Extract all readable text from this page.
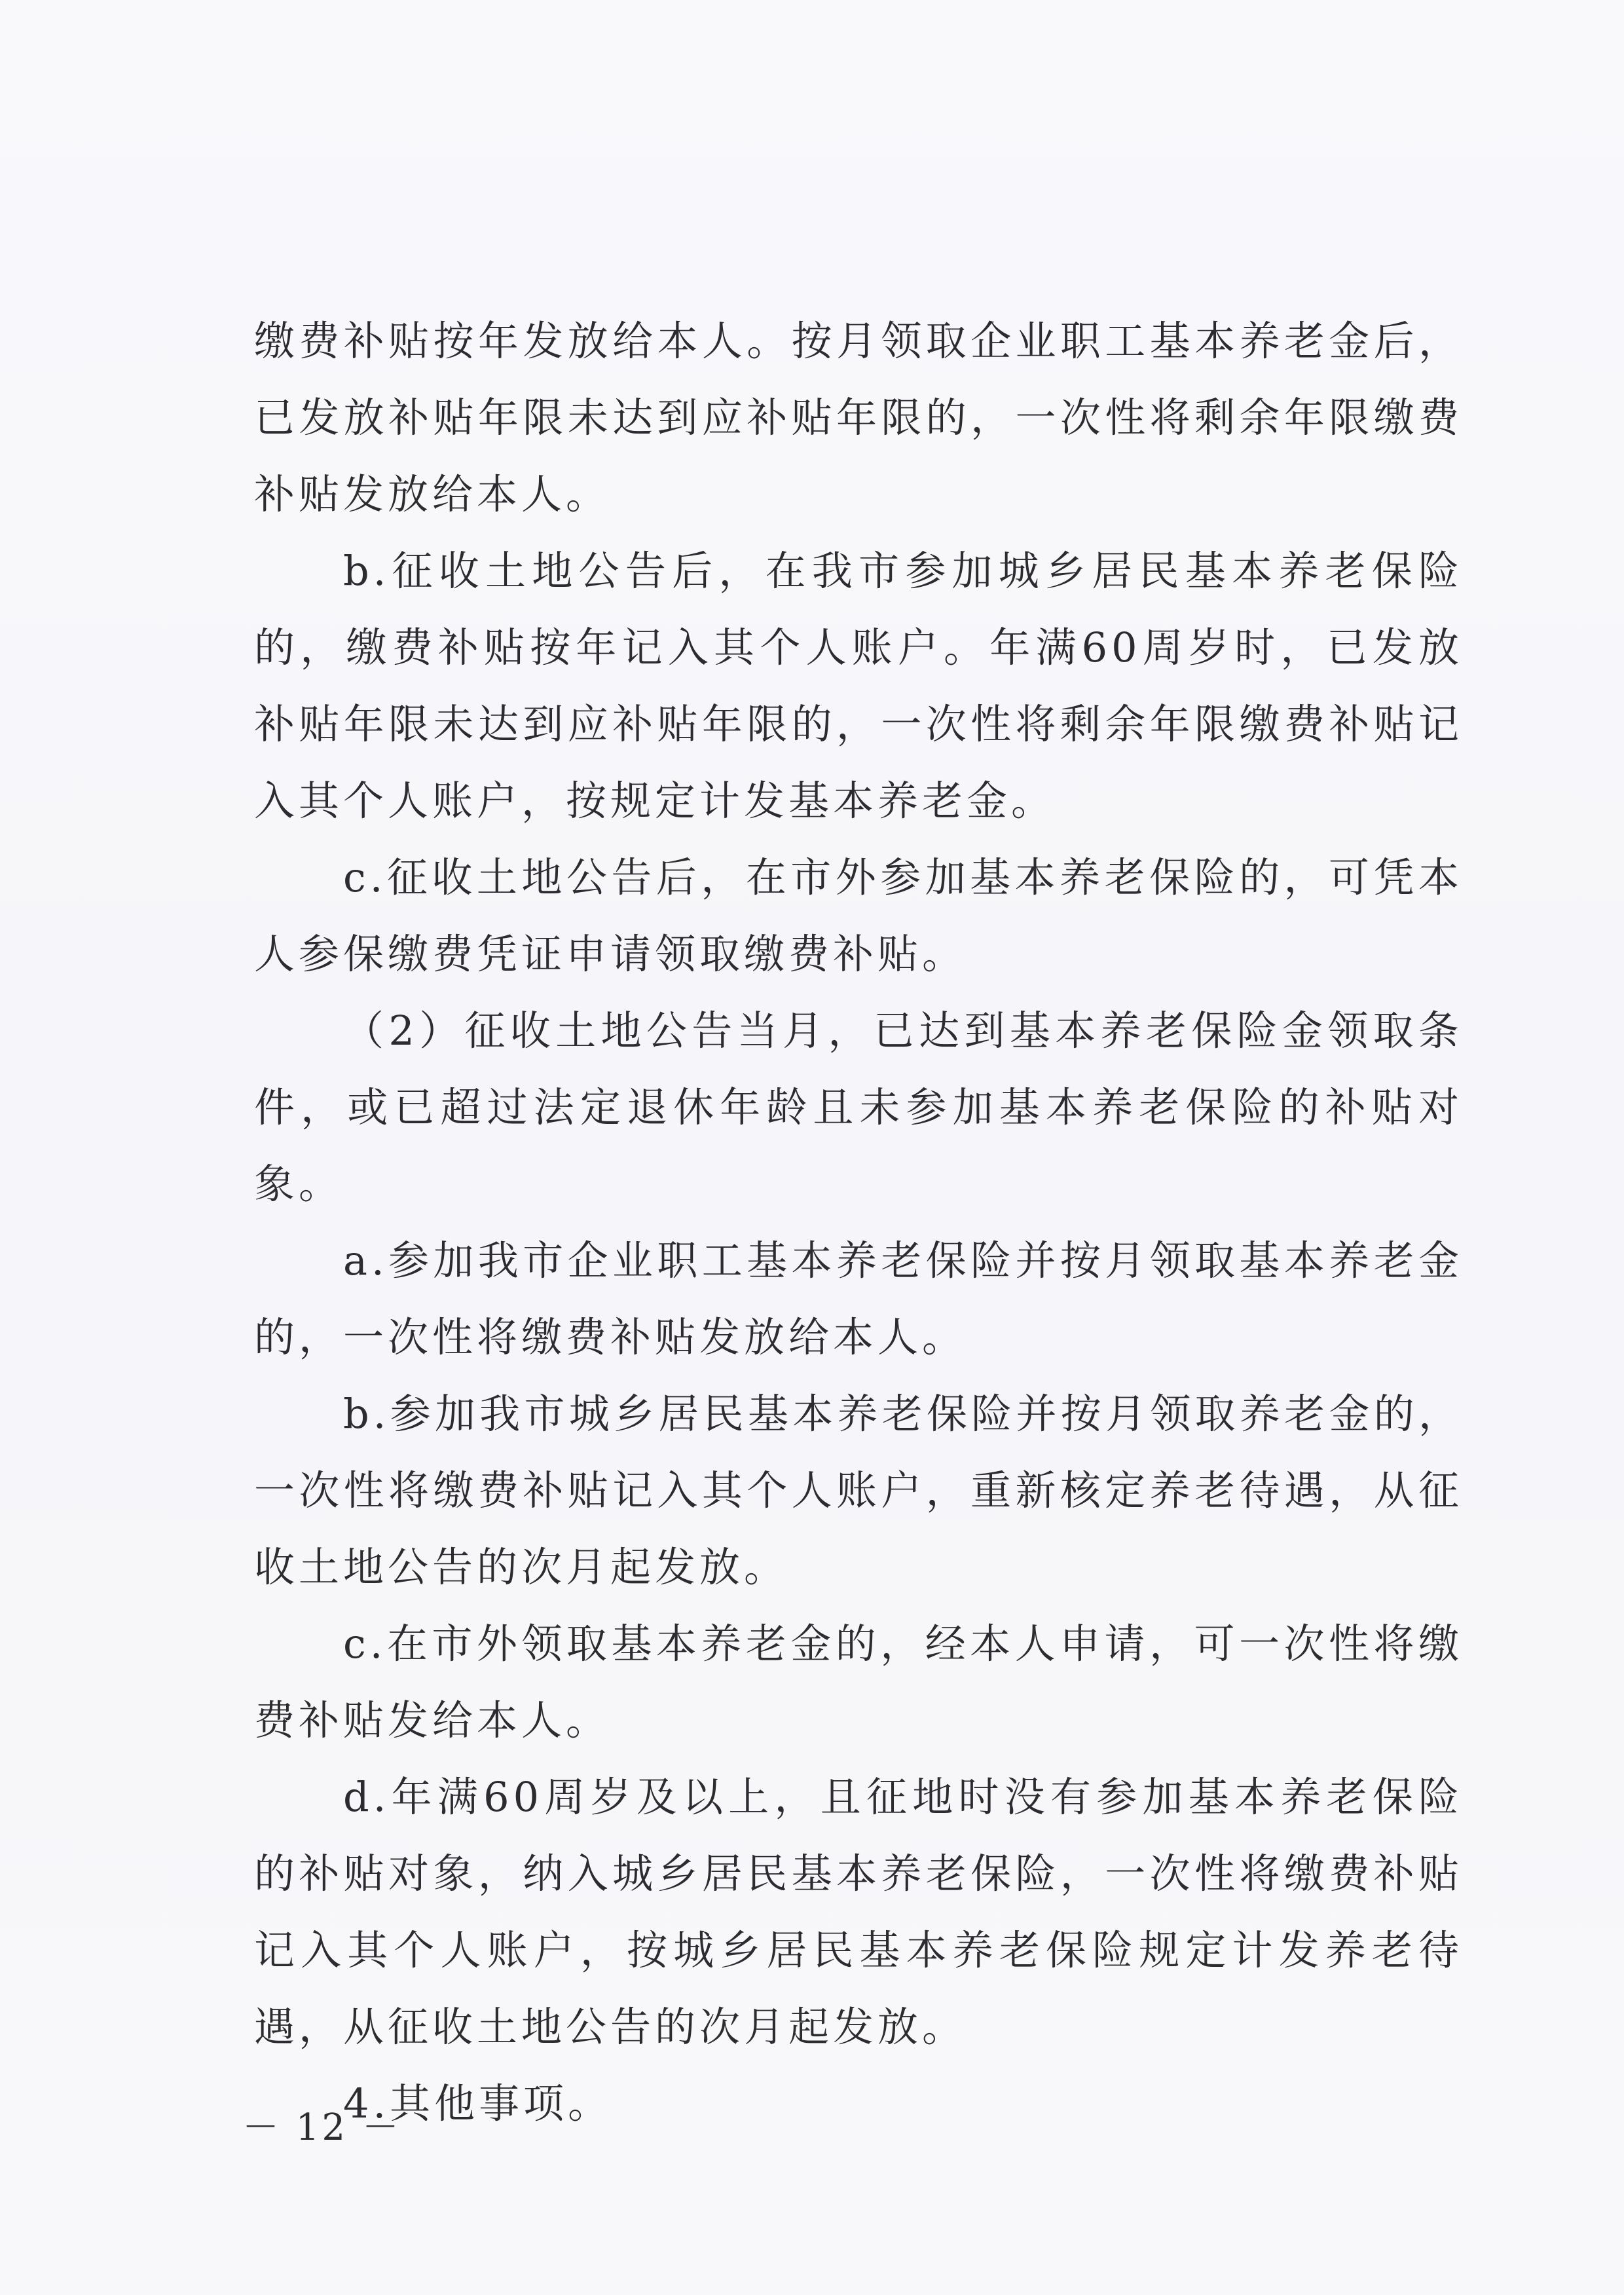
缴费补贴按年发放给本人。按月领取企业职工基本养老金后，已发放补贴年限未达到应补贴年限的，一次性将剩余年限缴费补贴发放给本人。

b.征收土地公告后，在我市参加城乡居民基本养老保险的，缴费补贴按年记入其个人账户。年满60周岁时，已发放补贴年限未达到应补贴年限的，一次性将剩余年限缴费补贴记入其个人账户，按规定计发基本养老金。

c.征收土地公告后，在市外参加基本养老保险的，可凭本人参保缴费凭证申请领取缴费补贴。

（2）征收土地公告当月，已达到基本养老保险金领取条件，或已超过法定退休年龄且未参加基本养老保险的补贴对象。

a.参加我市企业职工基本养老保险并按月领取基本养老金的，一次性将缴费补贴发放给本人。

b.参加我市城乡居民基本养老保险并按月领取养老金的，一次性将缴费补贴记入其个人账户，重新核定养老待遇，从征收土地公告的次月起发放。

c.在市外领取基本养老金的，经本人申请，可一次性将缴费补贴发给本人。

d.年满60周岁及以上，且征地时没有参加基本养老保险的补贴对象，纳入城乡居民基本养老保险，一次性将缴费补贴记入其个人账户，按城乡居民基本养老保险规定计发养老待遇，从征收土地公告的次月起发放。

4.其他事项。

－ 12 －
